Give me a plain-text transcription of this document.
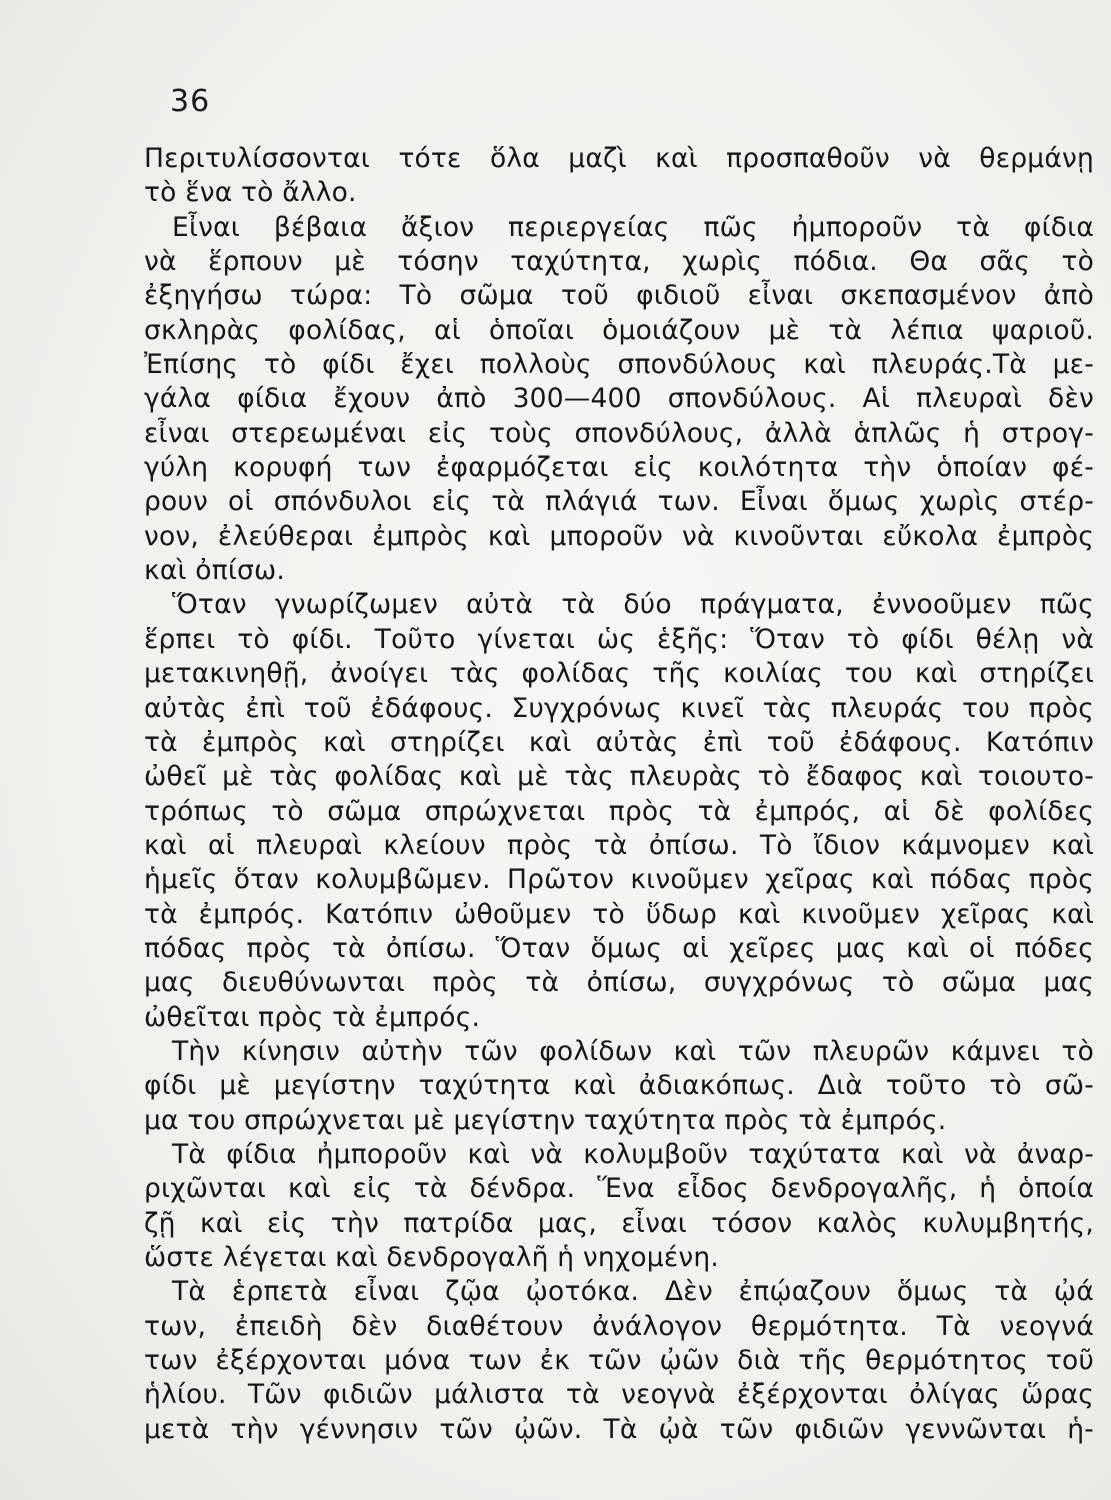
36
Περιτυλίσσονται τότε ὅλα μαζὶ καὶ προσπαθοῦν νὰ θερμάνῃ
τὸ ἕνα τὸ ἄλλο.
Εἶναι βέβαια ἄξιον περιεργείας πῶς ἠμποροῦν τὰ φίδια
νὰ ἕρπουν μὲ τόσην ταχύτητα, χωρὶς πόδια. Θα σᾶς τὸ
ἐξηγήσω τώρα: Τὸ σῶμα τοῦ φιδιοῦ εἶναι σκεπασμένον ἀπὸ
σκληρὰς φολίδας, αἱ ὁποῖαι ὁμοιάζουν μὲ τὰ λέπια ψαριοῦ.
Ἐπίσης τὸ φίδι ἔχει πολλοὺς σπονδύλους καὶ πλευράς.Τὰ με-
γάλα φίδια ἔχουν ἀπὸ 300—400 σπονδύλους. Αἱ πλευραὶ δὲν
εἶναι στερεωμέναι εἰς τοὺς σπονδύλους, ἀλλὰ ἁπλῶς ἡ στρογ-
γύλη κορυφή των ἐφαρμόζεται εἰς κοιλότητα τὴν ὁποίαν φέ-
ρουν οἱ σπόνδυλοι εἰς τὰ πλάγιά των. Εἶναι ὅμως χωρὶς στέρ-
νον, ἐλεύθεραι ἐμπρὸς καὶ μποροῦν νὰ κινοῦνται εὔκολα ἐμπρὸς
καὶ ὀπίσω.
Ὅταν γνωρίζωμεν αὐτὰ τὰ δύο πράγματα, ἐννοοῦμεν πῶς
ἕρπει τὸ φίδι. Τοῦτο γίνεται ὡς ἑξῆς: Ὅταν τὸ φίδι θέλῃ νὰ
μετακινηθῇ, ἀνοίγει τὰς φολίδας τῆς κοιλίας του καὶ στηρίζει
αὐτὰς ἐπὶ τοῦ ἐδάφους. Συγχρόνως κινεῖ τὰς πλευράς του πρὸς
τὰ ἐμπρὸς καὶ στηρίζει καὶ αὐτὰς ἐπὶ τοῦ ἐδάφους. Κατόπιν
ὠθεῖ μὲ τὰς φολίδας καὶ μὲ τὰς πλευρὰς τὸ ἔδαφος καὶ τοιουτο-
τρόπως τὸ σῶμα σπρώχνεται πρὸς τὰ ἐμπρός, αἱ δὲ φολίδες
καὶ αἱ πλευραὶ κλείουν πρὸς τὰ ὀπίσω. Τὸ ἴδιον κάμνομεν καὶ
ἡμεῖς ὅταν κολυμβῶμεν. Πρῶτον κινοῦμεν χεῖρας καὶ πόδας πρὸς
τὰ ἐμπρός. Κατόπιν ὠθοῦμεν τὸ ὕδωρ καὶ κινοῦμεν χεῖρας καὶ
πόδας πρὸς τὰ ὀπίσω. Ὅταν ὅμως αἱ χεῖρες μας καὶ οἱ πόδες
μας διευθύνωνται πρὸς τὰ ὀπίσω, συγχρόνως τὸ σῶμα μας
ὠθεῖται πρὸς τὰ ἐμπρός.
Τὴν κίνησιν αὐτὴν τῶν φολίδων καὶ τῶν πλευρῶν κάμνει τὸ
φίδι μὲ μεγίστην ταχύτητα καὶ ἀδιακόπως. Διὰ τοῦτο τὸ σῶ-
μα του σπρώχνεται μὲ μεγίστην ταχύτητα πρὸς τὰ ἐμπρός.
Τὰ φίδια ἠμποροῦν καὶ νὰ κολυμβοῦν ταχύτατα καὶ νὰ ἀναρ-
ριχῶνται καὶ εἰς τὰ δένδρα. Ἕνα εἶδος δενδρογαλῆς, ἡ ὁποία
ζῇ καὶ εἰς τὴν πατρίδα μας, εἶναι τόσον καλὸς κυλυμβητής,
ὥστε λέγεται καὶ δενδρογαλῆ ἡ νηχομένη.
Τὰ ἑρπετὰ εἶναι ζῷα ᾠοτόκα. Δὲν ἐπῴαζουν ὅμως τὰ ᾠά
των, ἐπειδὴ δὲν διαθέτουν ἀνάλογον θερμότητα. Τὰ νεογνά
των ἐξέρχονται μόνα των ἐκ τῶν ᾠῶν διὰ τῆς θερμότητος τοῦ
ἡλίου. Τῶν φιδιῶν μάλιστα τὰ νεογνὰ ἐξέρχονται ὀλίγας ὥρας
μετὰ τὴν γέννησιν τῶν ᾠῶν. Τὰ ᾠὰ τῶν φιδιῶν γεννῶνται ἡ-
